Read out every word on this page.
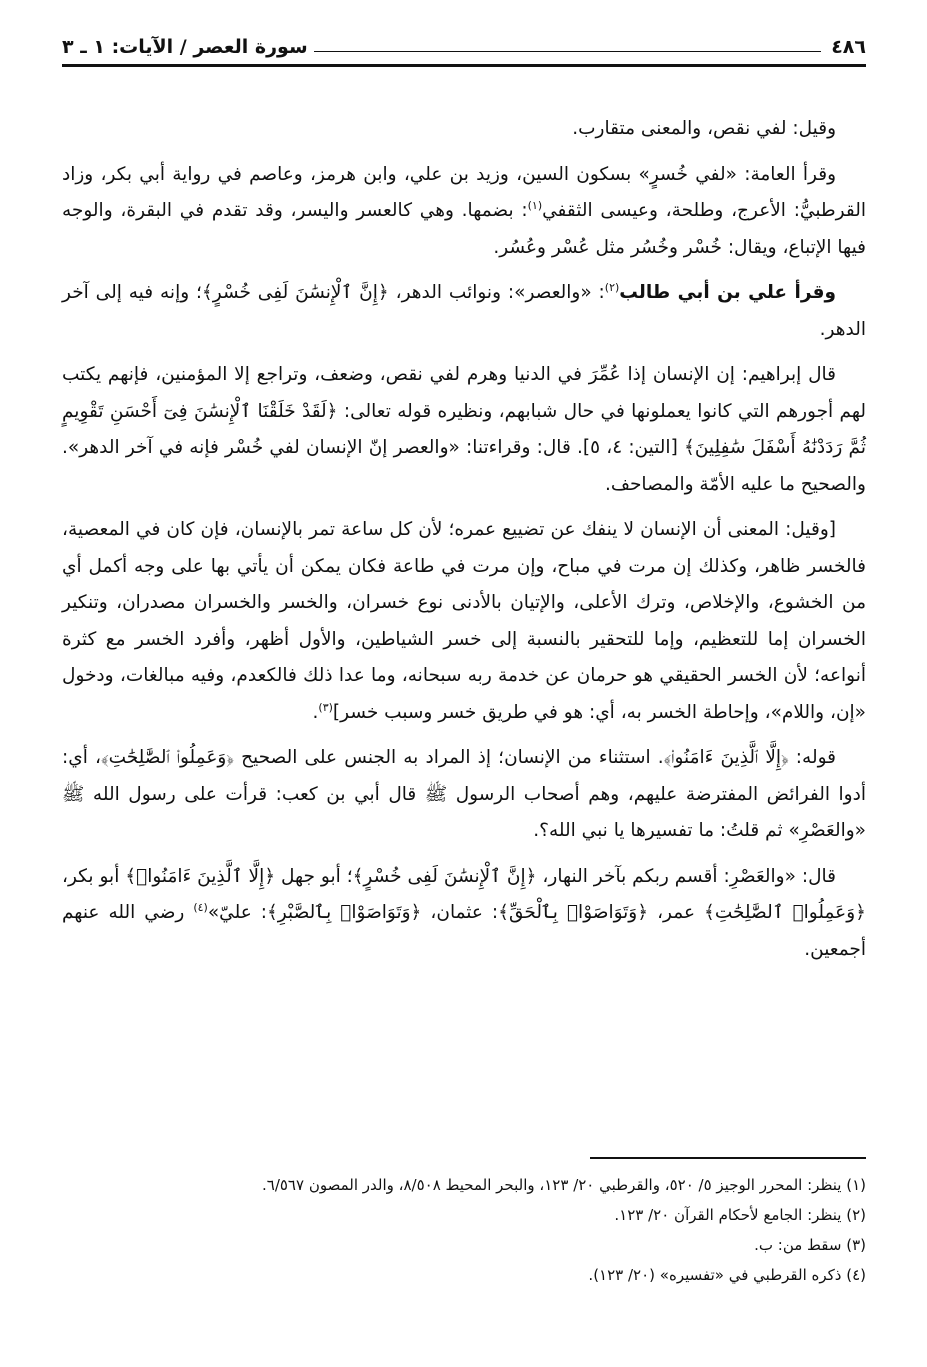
٤٨٦
سورة العصر / الآيات: ١ ـ ٣

وقيل: لفي نقص، والمعنى متقارب.

وقرأ العامة: «لفي خُسرٍ» بسكون السين، وزيد بن علي، وابن هرمز، وعاصم في رواية أبي بكر، وزاد القرطبيُّ: الأعرج، وطلحة، وعيسى الثقفي$^{(١)}$: بضمها. وهي كالعسر واليسر، وقد تقدم في البقرة، والوجه فيها الإتباع، ويقال: خُسْر وخُسُر مثل عُسْر وعُسُر.

وقرأ علي بن أبي طالب$^{(٢)}$: «والعصر»: ونوائب الدهر، ﴿إِنَّ ٱلْإِنسَٰنَ لَفِى خُسْرٍ﴾؛ وإنه فيه إلى آخر الدهر.

قال إبراهيم: إن الإنسان إذا عُمِّرَ في الدنيا وهرم لفي نقص، وضعف، وتراجع إلا المؤمنين، فإنهم يكتب لهم أجورهم التي كانوا يعملونها في حال شبابهم، ونظيره قوله تعالى: ﴿لَقَدْ خَلَقْنَا ٱلْإِنسَٰنَ فِىٓ أَحْسَنِ تَقْوِيمٍ ثُمَّ رَدَدْنَٰهُ أَسْفَلَ سَٰفِلِينَ﴾ [التين: ٤، ٥]. قال: وقراءتنا: «والعصر إنّ الإنسان لفي خُسْر فإنه في آخر الدهر». والصحيح ما عليه الأمّة والمصاحف.

[وقيل: المعنى أن الإنسان لا ينفك عن تضييع عمره؛ لأن كل ساعة تمر بالإنسان، فإن كان في المعصية، فالخسر ظاهر، وكذلك إن مرت في مباح، وإن مرت في طاعة فكان يمكن أن يأتي بها على وجه أكمل أي من الخشوع، والإخلاص، وترك الأعلى، والإتيان بالأدنى نوع خسران، والخسر والخسران مصدران، وتنكير الخسران إما للتعظيم، وإما للتحقير بالنسبة إلى خسر الشياطين، والأول أظهر، وأفرد الخسر مع كثرة أنواعه؛ لأن الخسر الحقيقي هو حرمان عن خدمة ربه سبحانه، وما عدا ذلك فالكعدم، وفيه مبالغات، ودخول «إن، واللام»، وإحاطة الخسر به، أي: هو في طريق خسر وسبب خسر]$^{(٣)}$.

قوله: ﴿إِلَّا ٱلَّذِينَ ءَامَنُوا۟﴾. استثناء من الإنسان؛ إذ المراد به الجنس على الصحيح ﴿وَعَمِلُوا۟ ٱلصَّٰلِحَٰتِ﴾، أي: أدوا الفرائض المفترضة عليهم، وهم أصحاب الرسول ﷺ قال أبي بن كعب: قرأت على رسول الله ﷺ «والعَصْرِ» ثم قلتُ: ما تفسيرها يا نبي الله؟.

قال: «والعَصْرِ: أقسم ربكم بآخر النهار، ﴿إِنَّ ٱلْإِنسَٰنَ لَفِى خُسْرٍ﴾؛ أبو جهل ﴿إِلَّا ٱلَّذِينَ ءَامَنُوا۟﴾ أبو بكر، ﴿وَعَمِلُوا۟ ٱلصَّٰلِحَٰتِ﴾ عمر، ﴿وَتَوَاصَوْا۟ بِٱلْحَقِّ﴾: عثمان، ﴿وَتَوَاصَوْا۟ بِٱلصَّبْرِ﴾: عليّ»$^{(٤)}$ رضي الله عنهم أجمعين.

(١) ينظر: المحرر الوجيز ٥/ ٥٢٠، والقرطبي ٢٠/ ١٢٣، والبحر المحيط ٨/٥٠٨، والدر المصون ٦/٥٦٧.
(٢) ينظر: الجامع لأحكام القرآن ٢٠/ ١٢٣.
(٣) سقط من: ب.
(٤) ذكره القرطبي في «تفسيره» (٢٠/ ١٢٣).
